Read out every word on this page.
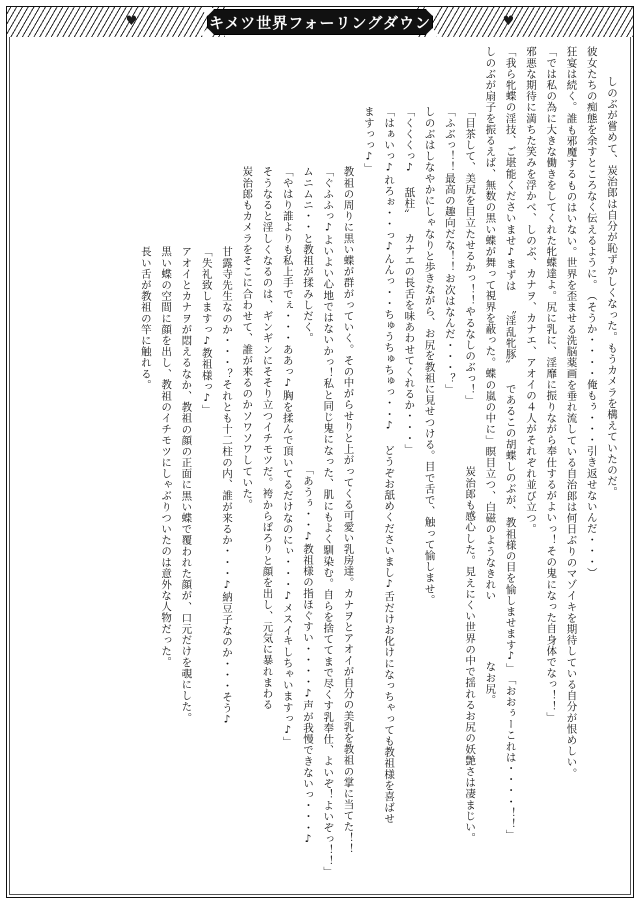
♥	♥
キメツ世界フォーリングダウン
しのぶが嘗めて、炭治郎は自分が恥ずかしくなった。もうカメラを構えていたのだ。彼女たちの痴態を余すところなく伝えるように。（そうか・・・・俺もぅ・・・引き返せないんだ・・・）狂宴は続く。誰も邪魔するものはいない。世界を歪ませる洗脳薬画を垂れ流している自治郎は何日ぶりのマゾイキを期待している自分が恨めしい。「では私の為に大きな働きをしてくれた牝蝶達よ。尻に乳に、淫靡に振りながら奉仕するがよいっ！その鬼になった自身体でなっ！！」邪悪な期待に満ちた笑みを浮かべ、しのぶ、カナヲ、カナエ、アオイの４人がそれぞれ並び立つ。「我ら牝蝶の淫技、ご堪能くださいませ♪まずは 〝淫乱牝豚〟 であるこの胡蝶しのぶが、教祖様の目を愉しませます♪」「おおぅーこれは・・・・！！」しのぶが扇子を振るえば、無数の黒い蝶が舞って視界を蔽った。蝶の嵐の中に」瞑目立つ、白磁のようなきれいなお尻。「目茶して、美尻を目立たせるかっ！！やるなしのぶっ！」炭治郎も感心した。見えにくい世界の中で揺れるお尻の妖艶さは凄まじい。「ふぶっ！！最高の趣向だな！！お次はなんだ・・・？」しのぶはしなやかにしゃなりと歩きながら、お尻を教祖に見せつける。目で舌で、触って愉しませ。「くくくっ♪ 舐柱〟 カナエの長舌を味あわせてくれるか・・・」「はぁいっ♪れろぉ・・っ♪んんっ・・ちゅうちゅちゅっ・・♪ どうぞお舐めくださいまし♪舌だけお化けになっちゃっても教祖様を喜ばせますっっ♪」教祖の周りに黒い蝶が群がっていく。その中がらせりと上がってくる可愛い乳房達。カナヲとアオイが自分の美乳を教祖の掌に当てた！！「ぐふふっ♪よいよい心地ではないかっ！私と同じ鬼になった、肌にもよく馴染む。自らを捨ててまで尽くす乳奉仕、よいぞ！よいぞっ！！」ムニムニ・・と教祖が揉みしだく。「あうぅ・・♪教祖様の指ほぐすい・・・・♪声が我慢できないっ・・・♪「やはり誰よりも私上手でぇ・・・ああっ♪胸を揉んで頂いてるだけなのにぃ・・・♪メスイキしちゃいますっ♪」そうなると淫しくなるのは、ギンギンにそそり立つイチモツだ。袴からぽろりと顔を出し、元気に暴れまわる炭治郎もカメラをそこに合わせて、誰が来るのかソワソワしていた。甘露寺先生なのか・・・？それとも十二柱の内、誰が来るか・・・♪納豆子なのか・・・そう♪「失礼致しますっ♪教祖様っ♪」アオイとカナヲが悶えるなか、教祖の顔の正面に黒い蝶で覆われた顔が、口元だけを覗にした。黒い蝶の空間に顔を出し、教祖のイチモツにしゃぶりついたのは意外な人物だった。長い舌が教祖の竿に触れる。
